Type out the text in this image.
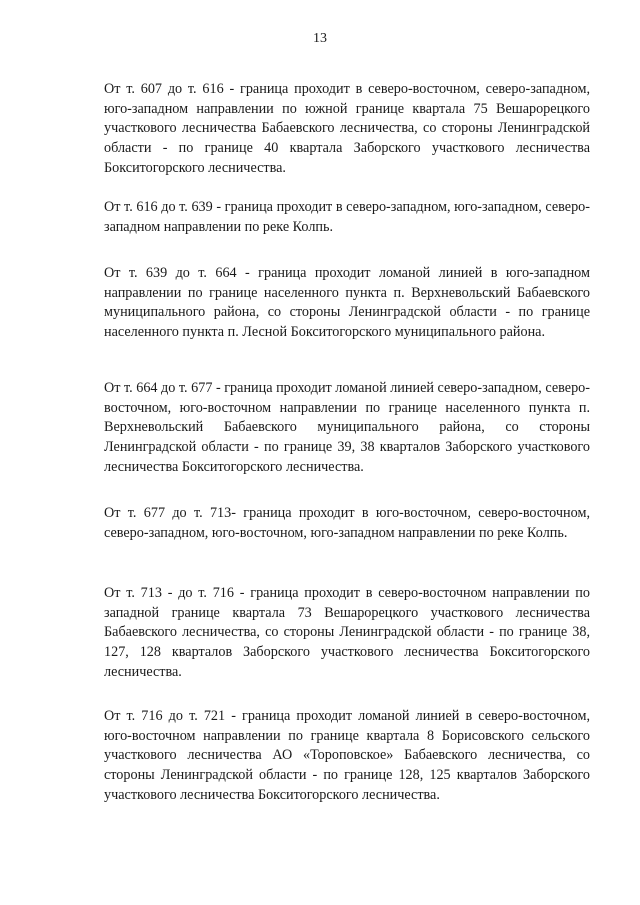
13

От т. 607 до т. 616 - граница проходит в северо-восточном, северо-западном, юго-западном направлении по южной границе квартала 75 Вешарорецкого участкового лесничества Бабаевского лесничества, со стороны Ленинградской области - по границе 40 квартала Заборского участкового лесничества Бокситогорского лесничества.

От т. 616 до т. 639 - граница проходит в северо-западном, юго-западном, северо-западном направлении по реке Колпь.

От т. 639 до т. 664 - граница проходит ломаной линией в юго-западном направлении по границе населенного пункта п. Верхневольский Бабаевского муниципального района, со стороны Ленинградской области - по границе населенного пункта п. Лесной Бокситогорского муниципального района.

От т. 664 до т. 677 - граница проходит ломаной линией северо-западном, северо-восточном, юго-восточном направлении по границе населенного пункта п. Верхневольский Бабаевского муниципального района, со стороны Ленинградской области - по границе 39, 38 кварталов Заборского участкового лесничества Бокситогорского лесничества.

От т. 677 до т. 713- граница проходит в юго-восточном, северо-восточном, северо-западном, юго-восточном, юго-западном направлении по реке Колпь.

От т. 713 - до т. 716 - граница проходит в северо-восточном направлении по западной границе квартала 73 Вешарорецкого участкового лесничества Бабаевского лесничества, со стороны Ленинградской области - по границе 38, 127, 128 кварталов Заборского участкового лесничества Бокситогорского лесничества.

От т. 716 до т. 721 - граница проходит ломаной линией в северо-восточном, юго-восточном направлении по границе квартала 8 Борисовского сельского участкового лесничества АО «Тороповское» Бабаевского лесничества, со стороны Ленинградской области - по границе 128, 125 кварталов Заборского участкового лесничества Бокситогорского лесничества.
